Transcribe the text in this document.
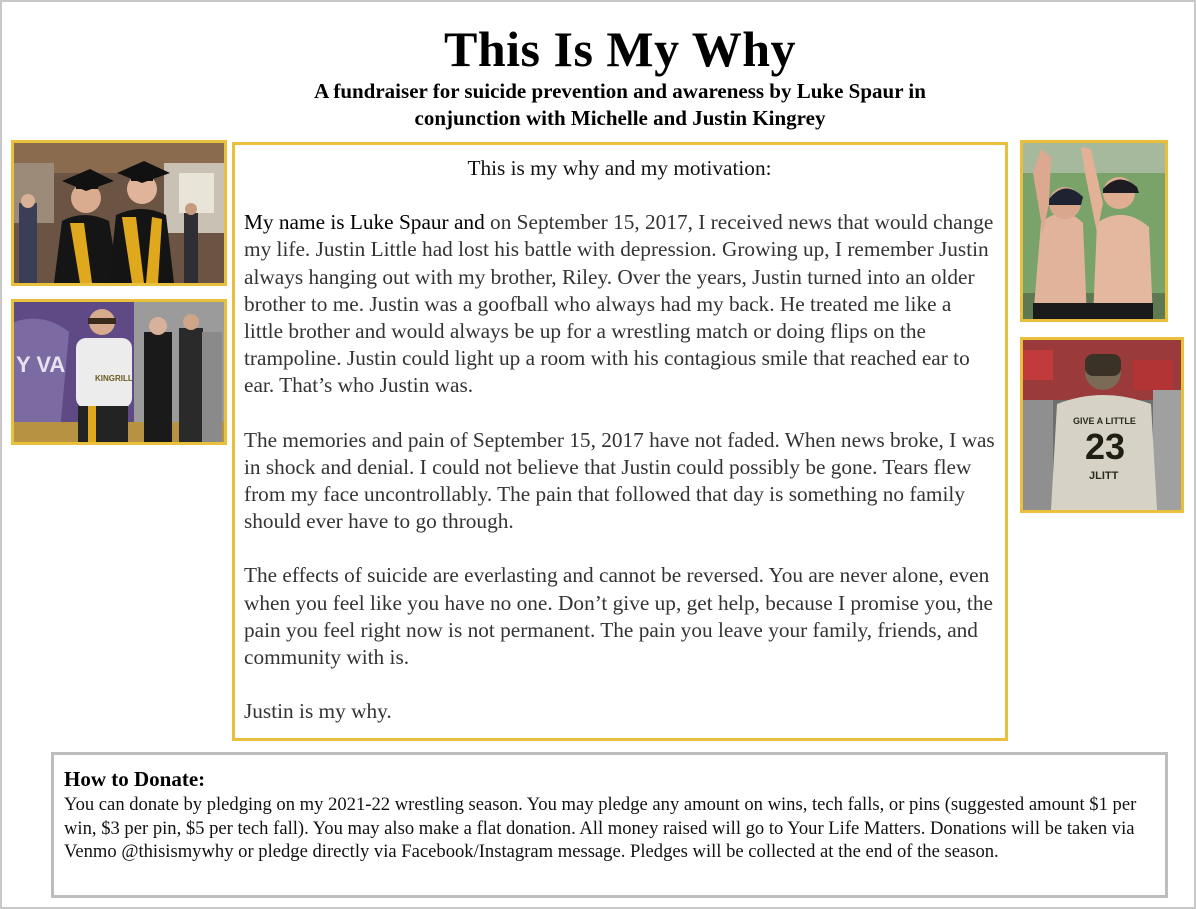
This Is My Why
A fundraiser for suicide prevention and awareness by Luke Spaur in
conjunction with Michelle and Justin Kingrey
Y VA
KINGRILL
This is my why and my motivation:

My name is Luke Spaur and on September 15, 2017, I received news that would change my life. Justin Little had lost his battle with depression. Growing up, I remember Justin always hanging out with my brother, Riley. Over the years, Justin turned into an older brother to me. Justin was a goofball who always had my back. He treated me like a little brother and would always be up for a wrestling match or doing flips on the trampoline. Justin could light up a room with his contagious smile that reached ear to ear. That’s who Justin was.

The memories and pain of September 15, 2017 have not faded. When news broke, I was in shock and denial. I could not believe that Justin could possibly be gone. Tears flew from my face uncontrollably. The pain that followed that day is something no family should ever have to go through.

The effects of suicide are everlasting and cannot be reversed. You are never alone, even when you feel like you have no one. Don’t give up, get help, because I promise you, the pain you feel right now is not permanent. The pain you leave your family, friends, and community with is.

Justin is my why.

GIVE A LITTLE
23
JLITT
How to Donate:
You can donate by pledging on my 2021-22 wrestling season. You may pledge any amount on wins, tech falls, or pins (suggested amount $1 per win, $3 per pin, $5 per tech fall). You may also make a flat donation. All money raised will go to Your Life Matters. Donations will be taken via Venmo @thisismywhy or pledge directly via Facebook/Instagram message. Pledges will be collected at the end of the season.
